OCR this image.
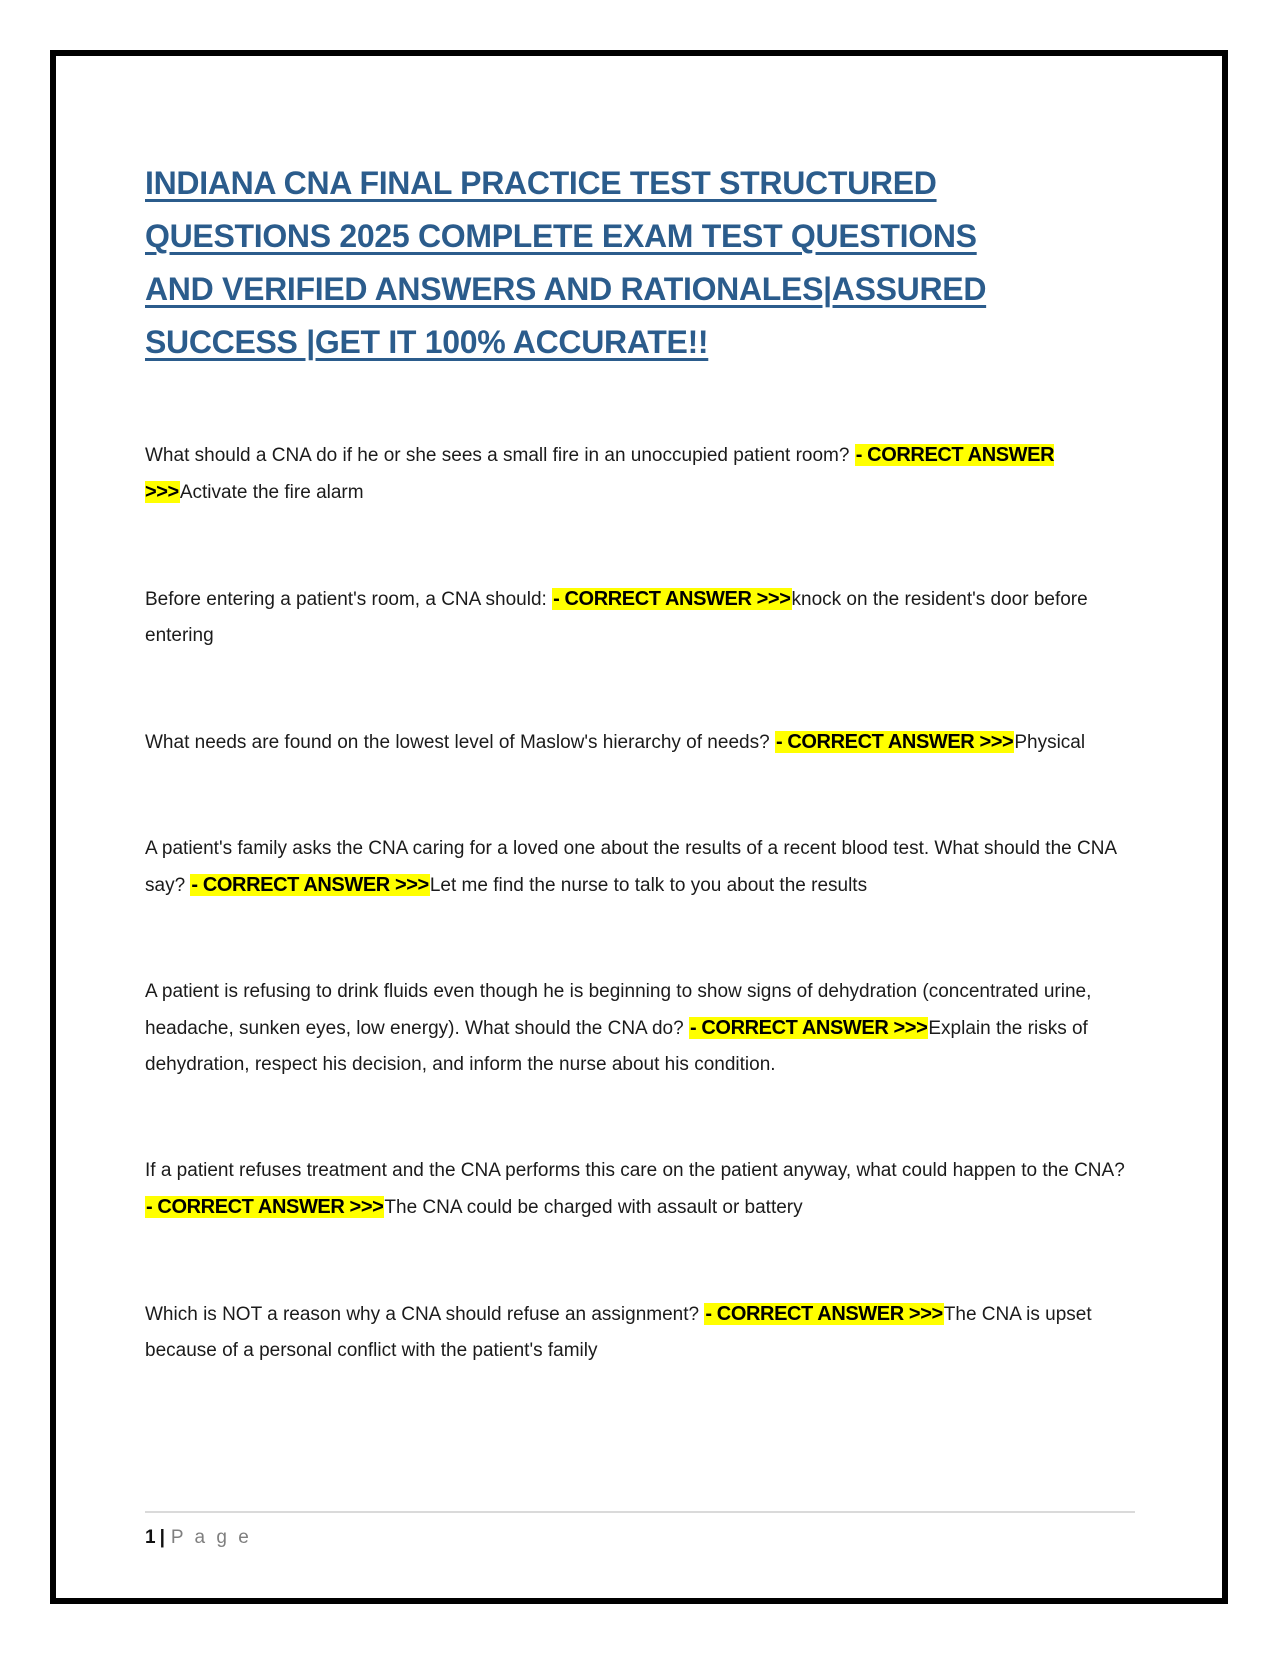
INDIANA CNA FINAL PRACTICE TEST STRUCTURED
QUESTIONS 2025 COMPLETE EXAM TEST QUESTIONS
AND VERIFIED ANSWERS AND RATIONALES|ASSURED
SUCCESS |GET IT 100% ACCURATE!!

What should a CNA do if he or she sees a small fire in an unoccupied patient room? - CORRECT ANSWER >>>Activate the fire alarm

Before entering a patient's room, a CNA should: - CORRECT ANSWER >>>knock on the resident's door before entering

What needs are found on the lowest level of Maslow's hierarchy of needs? - CORRECT ANSWER >>>Physical

A patient's family asks the CNA caring for a loved one about the results of a recent blood test. What should the CNA say? - CORRECT ANSWER >>>Let me find the nurse to talk to you about the results

A patient is refusing to drink fluids even though he is beginning to show signs of dehydration (concentrated urine, headache, sunken eyes, low energy). What should the CNA do? - CORRECT ANSWER >>>Explain the risks of dehydration, respect his decision, and inform the nurse about his condition.

If a patient refuses treatment and the CNA performs this care on the patient anyway, what could happen to the CNA? - CORRECT ANSWER >>>The CNA could be charged with assault or battery

Which is NOT a reason why a CNA should refuse an assignment? - CORRECT ANSWER >>>The CNA is upset because of a personal conflict with the patient's family

1 | P a g e
